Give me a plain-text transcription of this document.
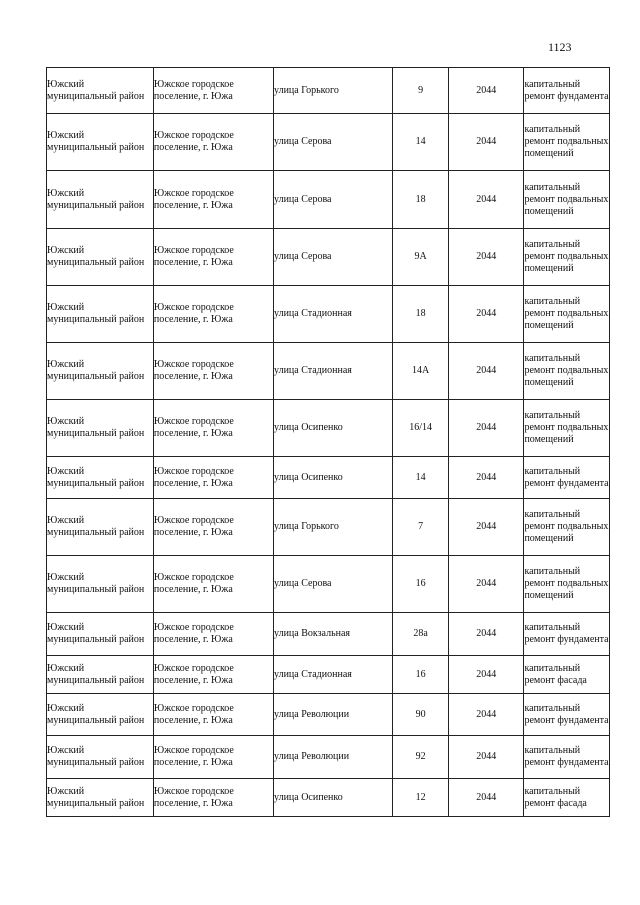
1123
Южский муниципальный район	Южское городское поселение, г. Южа	улица Горького	9	2044	капитальный ремонт фундамента
Южский муниципальный район	Южское городское поселение, г. Южа	улица Серова	14	2044	капитальный ремонт подвальных помещений
Южский муниципальный район	Южское городское поселение, г. Южа	улица Серова	18	2044	капитальный ремонт подвальных помещений
Южский муниципальный район	Южское городское поселение, г. Южа	улица Серова	9А	2044	капитальный ремонт подвальных помещений
Южский муниципальный район	Южское городское поселение, г. Южа	улица Стадионная	18	2044	капитальный ремонт подвальных помещений
Южский муниципальный район	Южское городское поселение, г. Южа	улица Стадионная	14А	2044	капитальный ремонт подвальных помещений
Южский муниципальный район	Южское городское поселение, г. Южа	улица Осипенко	16/14	2044	капитальный ремонт подвальных помещений
Южский муниципальный район	Южское городское поселение, г. Южа	улица Осипенко	14	2044	капитальный ремонт фундамента
Южский муниципальный район	Южское городское поселение, г. Южа	улица Горького	7	2044	капитальный ремонт подвальных помещений
Южский муниципальный район	Южское городское поселение, г. Южа	улица Серова	16	2044	капитальный ремонт подвальных помещений
Южский муниципальный район	Южское городское поселение, г. Южа	улица Вокзальная	28а	2044	капитальный ремонт фундамента
Южский муниципальный район	Южское городское поселение, г. Южа	улица Стадионная	16	2044	капитальный ремонт фасада
Южский муниципальный район	Южское городское поселение, г. Южа	улица Революции	90	2044	капитальный ремонт фундамента
Южский муниципальный район	Южское городское поселение, г. Южа	улица Революции	92	2044	капитальный ремонт фундамента
Южский муниципальный район	Южское городское поселение, г. Южа	улица Осипенко	12	2044	капитальный ремонт фасада
